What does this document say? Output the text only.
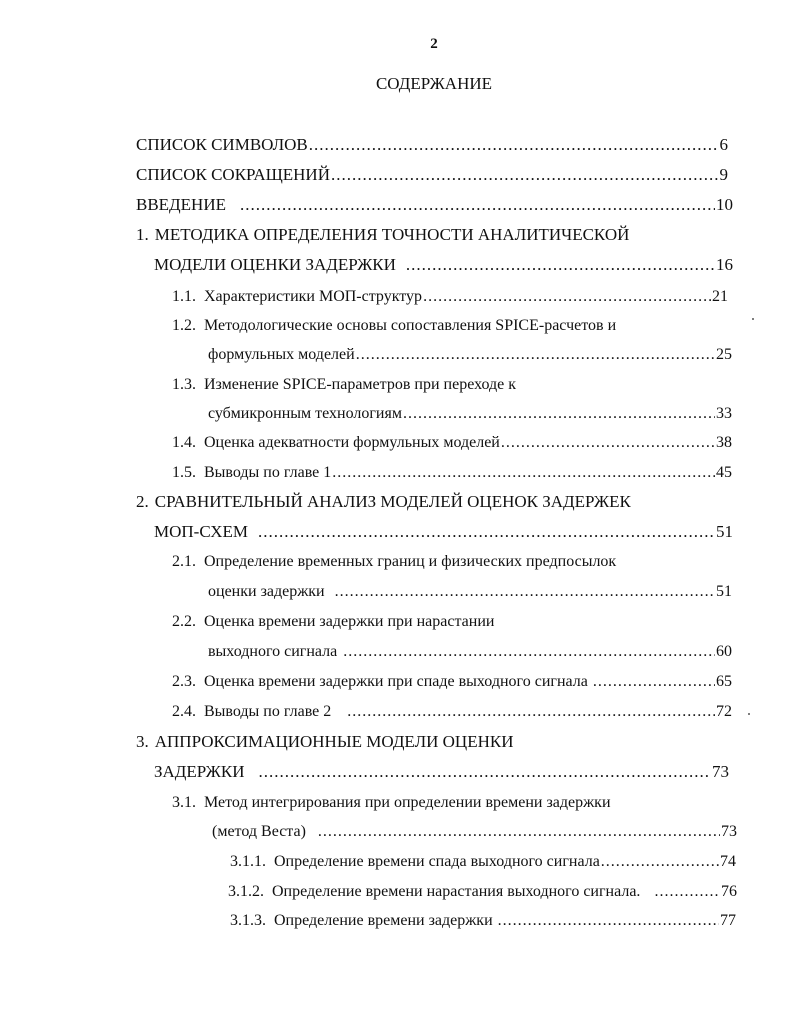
2
СОДЕРЖАНИЕ
СПИСОК СИМВОЛОВ .....	6
СПИСОК СОКРАЩЕНИЙ .....	9
ВВЕДЕНИЕ .....	10
1. МЕТОДИКА ОПРЕДЕЛЕНИЯ ТОЧНОСТИ АНАЛИТИЧЕСКОЙ
МОДЕЛИ ОЦЕНКИ ЗАДЕРЖКИ .....	16
1.1. Характеристики МОП-структур .....	21
1.2. Методологические основы сопоставления SPICE-расчетов и
формульных моделей .....	25
1.3. Изменение SPICE-параметров при переходе к
субмикронным технологиям .....	33
1.4. Оценка адекватности формульных моделей .....	38
1.5. Выводы по главе 1 .....	45
2. СРАВНИТЕЛЬНЫЙ АНАЛИЗ МОДЕЛЕЙ ОЦЕНОК ЗАДЕРЖЕК
МОП-СХЕМ .....	51
2.1. Определение временных границ и физических предпосылок
оценки задержки .....	51
2.2. Оценка времени задержки при нарастании
выходного сигнала .....	60
2.3. Оценка времени задержки при спаде выходного сигнала .....	65
2.4. Выводы по главе 2 .....	72
3. АППРОКСИМАЦИОННЫЕ МОДЕЛИ ОЦЕНКИ
ЗАДЕРЖКИ .....	73
3.1. Метод интегрирования при определении времени задержки
(метод Веста) .....	73
3.1.1. Определение времени спада выходного сигнала .....	74
3.1.2. Определение времени нарастания выходного сигнала. .....	76
3.1.3. Определение времени задержки .....	77
